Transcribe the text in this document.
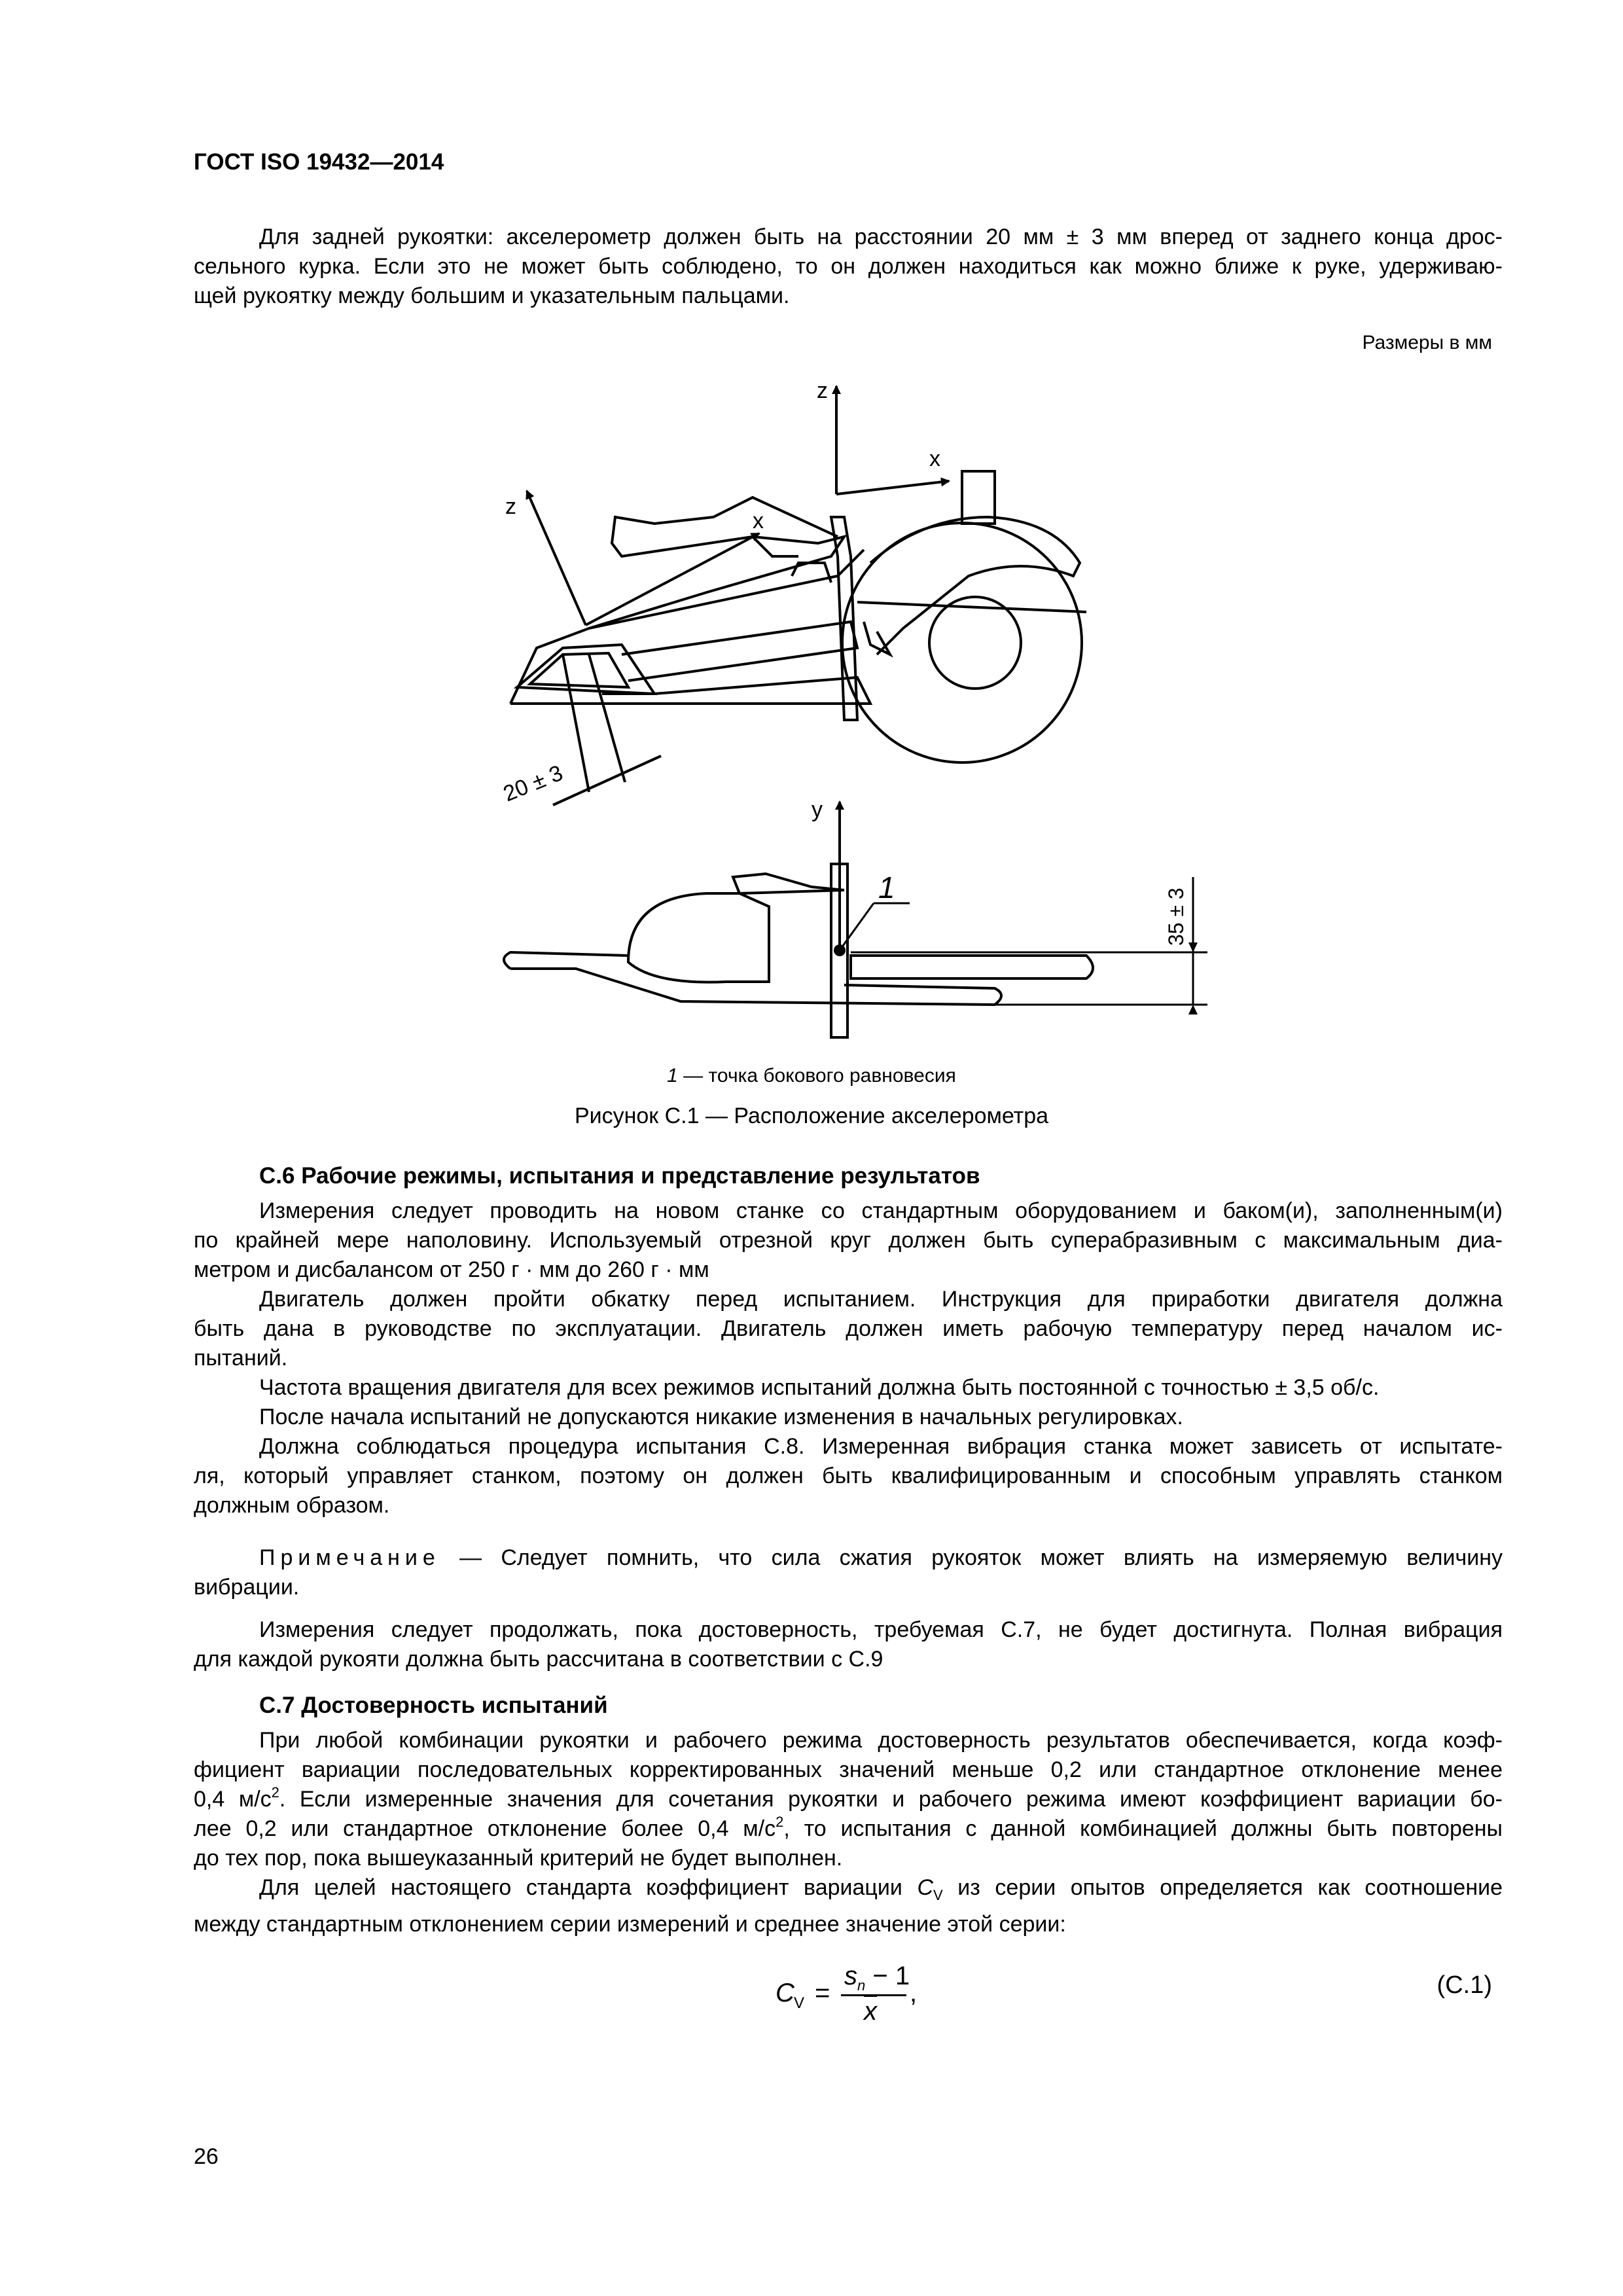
ГОСТ ISO 19432—2014

Для задней рукоятки: акселерометр должен быть на расстоянии 20 мм ± 3 мм вперед от заднего конца дрос-
сельного курка. Если это не может быть соблюдено, то он должен находиться как можно ближе к руке, удерживаю-
щей рукоятку между большим и указательным пальцами.

Размеры в мм
z
x
z
x
20 ± 3
1
y
35 ± 3
1 — точка бокового равновесия
Рисунок С.1 — Расположение акселерометра
С.6 Рабочие режимы, испытания и представление результатов

Измерения следует проводить на новом станке со стандартным оборудованием и баком(и), заполненным(и)
по крайней мере наполовину. Используемый отрезной круг должен быть суперабразивным с максимальным диа-
метром и дисбалансом от 250 г · мм до 260 г · мм
Двигатель должен пройти обкатку перед испытанием. Инструкция для приработки двигателя должна
быть дана в руководстве по эксплуатации. Двигатель должен иметь рабочую температуру перед началом ис-
пытаний.
Частота вращения двигателя для всех режимов испытаний должна быть постоянной с точностью ± 3,5 об/с.
После начала испытаний не допускаются никакие изменения в начальных регулировках.
Должна соблюдаться процедура испытания С.8. Измеренная вибрация станка может зависеть от испытате-
ля, который управляет станком, поэтому он должен быть квалифицированным и способным управлять станком
должным образом.

Примечание — Следует помнить, что сила сжатия рукояток может влиять на измеряемую величину
вибрации.

Измерения следует продолжать, пока достоверность, требуемая С.7, не будет достигнута. Полная вибрация
для каждой рукояти должна быть рассчитана в соответствии с С.9

С.7 Достоверность испытаний

При любой комбинации рукоятки и рабочего режима достоверность результатов обеспечивается, когда коэф-
фициент вариации последовательных корректированных значений меньше 0,2 или стандартное отклонение менее
0,4 $м/с^2$. Если измеренные значения для сочетания рукоятки и рабочего режима имеют коэффициент вариации бо-
лее 0,2 или стандартное отклонение более 0,4 $м/с^2$, то испытания с данной комбинацией должны быть повторены
до тех пор, пока вышеуказанный критерий не будет выполнен.
Для целей настоящего стандарта коэффициент вариации $C_V$ из серии опытов определяется как соотношение
между стандартным отклонением серии измерений и среднее значение этой серии:

C V =
$s_n - 1$
$\overline{x}$
,	(С.1)
26
